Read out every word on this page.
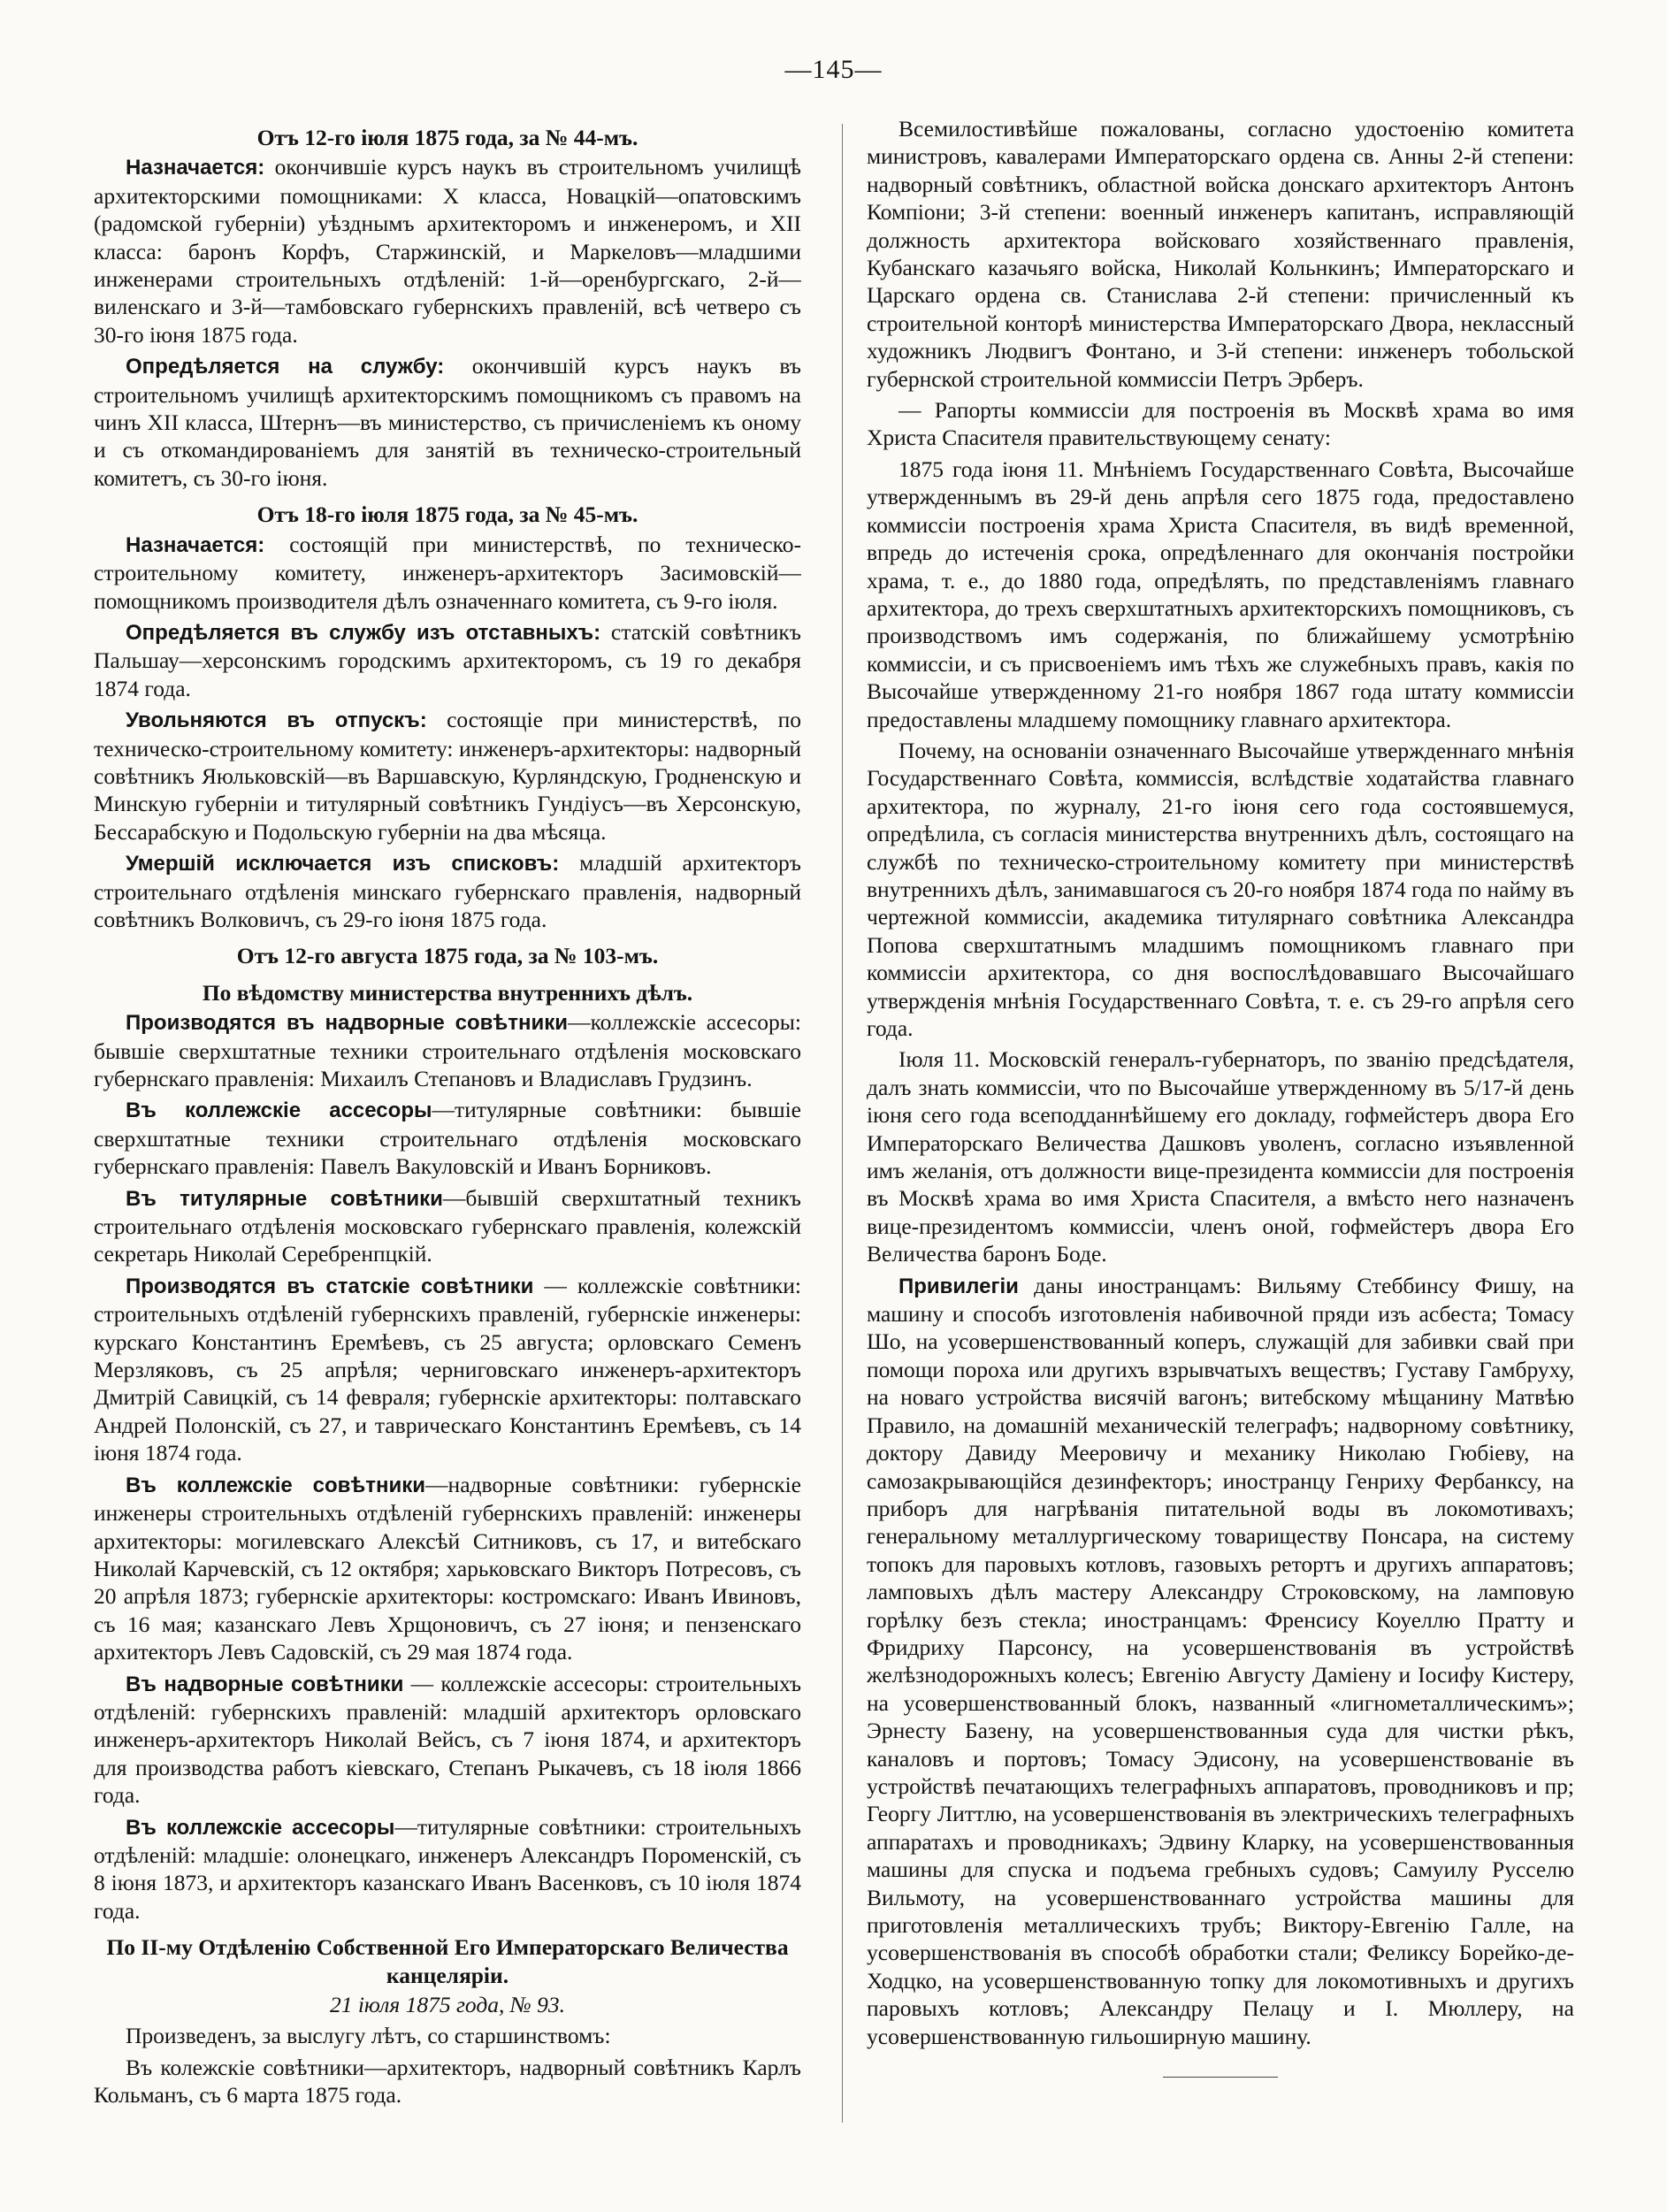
—145—
Отъ 12-го іюля 1875 года, за № 44-мъ.

Назначается: окончившіе курсъ наукъ въ строительномъ училищѣ архитекторскими помощниками: X класса, Новацкій—опатовскимъ (радомской губерніи) уѣзднымъ архитекторомъ и инженеромъ, и XII класса: баронъ Корфъ, Старжинскій, и Маркеловъ—младшими инженерами строительныхъ отдѣленій: 1-й—оренбургскаго, 2-й—виленскаго и 3-й—тамбовскаго губернскихъ правленій, всѣ четверо съ 30-го іюня 1875 года.

Опредѣляется на службу: окончившій курсъ наукъ въ строительномъ училищѣ архитекторскимъ помощникомъ съ правомъ на чинъ XII класса, Штернъ—въ министерство, съ причисленіемъ къ оному и съ откомандированіемъ для занятій въ техническо-строительный комитетъ, съ 30-го іюня.

Отъ 18-го іюля 1875 года, за № 45-мъ.

Назначается: состоящій при министерствѣ, по техническо-строительному комитету, инженеръ-архитекторъ Засимовскій—помощникомъ производителя дѣлъ означеннаго комитета, съ 9-го іюля.

Опредѣляется въ службу изъ отставныхъ: статскій совѣтникъ Пальшау—херсонскимъ городскимъ архитекторомъ, съ 19 го декабря 1874 года.

Увольняются въ отпускъ: состоящіе при министерствѣ, по техническо-строительному комитету: инженеръ-архитекторы: надворный совѣтникъ Яюльковскій—въ Варшавскую, Курляндскую, Гродненскую и Минскую губерніи и титулярный совѣтникъ Гундіусъ—въ Херсонскую, Бессарабскую и Подольскую губерніи на два мѣсяца.

Умершій исключается изъ списковъ: младшій архитекторъ строительнаго отдѣленія минскаго губернскаго правленія, надворный совѣтникъ Волковичъ, съ 29-го іюня 1875 года.

Отъ 12-го августа 1875 года, за № 103-мъ.
По вѣдомству министерства внутреннихъ дѣлъ.

Производятся въ надворные совѣтники—коллежскіе ассесоры: бывшіе сверхштатные техники строительнаго отдѣленія московскаго губернскаго правленія: Михаилъ Степановъ и Владиславъ Грудзинъ.

Въ коллежскіе ассесоры—титулярные совѣтники: бывшіе сверхштатные техники строительнаго отдѣленія московскаго губернскаго правленія: Павелъ Вакуловскій и Иванъ Борниковъ.

Въ титулярные совѣтники—бывшій сверхштатный техникъ строительнаго отдѣленія московскаго губернскаго правленія, колежскій секретарь Николай Серебренпцкій.

Производятся въ статскіе совѣтники — коллежскіе совѣтники: строительныхъ отдѣленій губернскихъ правленій, губернскіе инженеры: курскаго Константинъ Еремѣевъ, съ 25 августа; орловскаго Семенъ Мерзляковъ, съ 25 апрѣля; черниговскаго инженеръ-архитекторъ Дмитрій Савицкій, съ 14 февраля; губернскіе архитекторы: полтавскаго Андрей Полонскій, съ 27, и таврическаго Константинъ Еремѣевъ, съ 14 іюня 1874 года.

Въ коллежскіе совѣтники—надворные совѣтники: губернскіе инженеры строительныхъ отдѣленій губернскихъ правленій: инженеры архитекторы: могилевскаго Алексѣй Ситниковъ, съ 17, и витебскаго Николай Карчевскій, съ 12 октября; харьковскаго Викторъ Потресовъ, съ 20 апрѣля 1873; губернскіе архитекторы: костромскаго: Иванъ Ивиновъ, съ 16 мая; казанскаго Левъ Хрщоновичъ, съ 27 іюня; и пензенскаго архитекторъ Левъ Садовскій, съ 29 мая 1874 года.

Въ надворные совѣтники — коллежскіе ассесоры: строительныхъ отдѣленій: губернскихъ правленій: младшій архитекторъ орловскаго инженеръ-архитекторъ Николай Вейсъ, съ 7 іюня 1874, и архитекторъ для производства работъ кіевскаго, Степанъ Рыкачевъ, съ 18 іюля 1866 года.

Въ коллежскіе ассесоры—титулярные совѣтники: строительныхъ отдѣленій: младшіе: олонецкаго, инженеръ Александръ Пороменскій, съ 8 іюня 1873, и архитекторъ казанскаго Иванъ Васенковъ, съ 10 іюля 1874 года.

По II-му Отдѣленію Собственной Его Императорскаго Величества канцеляріи.
21 іюля 1875 года, № 93.

Произведенъ, за выслугу лѣтъ, со старшинствомъ:

Въ колежскіе совѣтники—архитекторъ, надворный совѣтникъ Карлъ Кольманъ, съ 6 марта 1875 года.

Всемилостивѣйше пожалованы, согласно удостоенію комитета министровъ, кавалерами Императорскаго ордена св. Анны 2-й степени: надворный совѣтникъ, областной войска донскаго архитекторъ Антонъ Компіони; 3-й степени: военный инженеръ капитанъ, исправляющій должность архитектора войсковаго хозяйственнаго правленія, Кубанскаго казачьяго войска, Николай Кольнкинъ; Императорскаго и Царскаго ордена св. Станислава 2-й степени: причисленный къ строительной конторѣ министерства Императорскаго Двора, неклассный художникъ Людвигъ Фонтано, и 3-й степени: инженеръ тобольской губернской строительной коммиссіи Петръ Эрберъ.

— Рапорты коммиссіи для построенія въ Москвѣ храма во имя Христа Спасителя правительствующему сенату:

1875 года іюня 11. Мнѣніемъ Государственнаго Совѣта, Высочайше утвержденнымъ въ 29-й день апрѣля сего 1875 года, предоставлено коммиссіи построенія храма Христа Спасителя, въ видѣ временной, впредь до истеченія срока, опредѣленнаго для окончанія постройки храма, т. е., до 1880 года, опредѣлять, по представленіямъ главнаго архитектора, до трехъ сверхштатныхъ архитекторскихъ помощниковъ, съ производствомъ имъ содержанія, по ближайшему усмотрѣнію коммиссіи, и съ присвоеніемъ имъ тѣхъ же служебныхъ правъ, какія по Высочайше утвержденному 21-го ноября 1867 года штату коммиссіи предоставлены младшему помощнику главнаго архитектора.

Почему, на основаніи означеннаго Высочайше утвержденнаго мнѣнія Государственнаго Совѣта, коммиссія, вслѣдствіе ходатайства главнаго архитектора, по журналу, 21-го іюня сего года состоявшемуся, опредѣлила, съ согласія министерства внутреннихъ дѣлъ, состоящаго на службѣ по техническо-строительному комитету при министерствѣ внутреннихъ дѣлъ, занимавшагося съ 20-го ноября 1874 года по найму въ чертежной коммиссіи, академика титулярнаго совѣтника Александра Попова сверхштатнымъ младшимъ помощникомъ главнаго при коммиссіи архитектора, со дня воспослѣдовавшаго Высочайшаго утвержденія мнѣнія Государственнаго Совѣта, т. е. съ 29-го апрѣля сего года.

Іюля 11. Московскій генералъ-губернаторъ, по званію предсѣдателя, далъ знать коммиссіи, что по Высочайше утвержденному въ 5/17-й день іюня сего года всеподданнѣйшему его докладу, гофмейстеръ двора Его Императорскаго Величества Дашковъ уволенъ, согласно изъявленной имъ желанія, отъ должности вице-президента коммиссіи для построенія въ Москвѣ храма во имя Христа Спасителя, а вмѣсто него назначенъ вице-президентомъ коммиссіи, членъ оной, гофмейстеръ двора Его Величества баронъ Боде.

Привилегіи даны иностранцамъ: Вильяму Стеббинсу Фишу, на машину и способъ изготовленія набивочной пряди изъ асбеста; Томасу Шо, на усовершенствованный коперъ, служащій для забивки свай при помощи пороха или другихъ взрывчатыхъ веществъ; Густаву Гамбруху, на новаго устройства висячій вагонъ; витебскому мѣщанину Матвѣю Правило, на домашній механическій телеграфъ; надворному совѣтнику, доктору Давиду Мееровичу и механику Николаю Гюбіеву, на самозакрывающійся дезинфекторъ; иностранцу Генриху Фербанксу, на приборъ для нагрѣванія питательной воды въ локомотивахъ; генеральному металлургическому товариществу Понсара, на систему топокъ для паровыхъ котловъ, газовыхъ ретортъ и другихъ аппаратовъ; ламповыхъ дѣлъ мастеру Александру Строковскому, на ламповую горѣлку безъ стекла; иностранцамъ: Френсису Коуеллю Пратту и Фридриху Парсонсу, на усовершенствованія въ устройствѣ желѣзнодорожныхъ колесъ; Евгенію Августу Даміену и Іосифу Кистеру, на усовершенствованный блокъ, названный «лигнометаллическимъ»; Эрнесту Базену, на усовершенствованныя суда для чистки рѣкъ, каналовъ и портовъ; Томасу Эдисону, на усовершенствованіе въ устройствѣ печатающихъ телеграфныхъ аппаратовъ, проводниковъ и пр; Георгу Литтлю, на усовершенствованія въ электрическихъ телеграфныхъ аппаратахъ и проводникахъ; Эдвину Кларку, на усовершенствованныя машины для спуска и подъема гребныхъ судовъ; Самуилу Русселю Вильмоту, на усовершенствованнаго устройства машины для приготовленія металлическихъ трубъ; Виктору-Евгенію Галле, на усовершенствованія въ способѣ обработки стали; Феликсу Борейко-де-Ходцко, на усовершенствованную топку для локомотивныхъ и другихъ паровыхъ котловъ; Александру Пелацу и І. Мюллеру, на усовершенствованную гильоширную машину.
